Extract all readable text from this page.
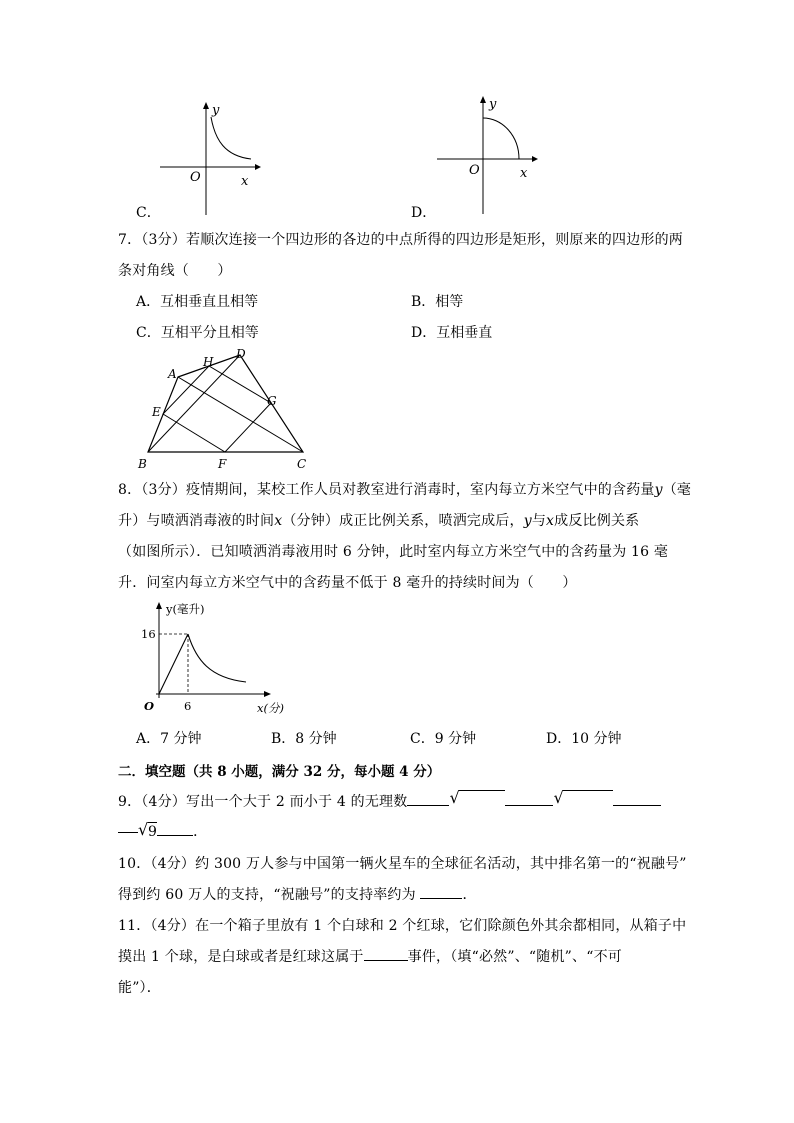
y
x
O
C．
y
x
O
D．
7．（3分）若顺次连接一个四边形的各边的中点所得的四边形是矩形，则原来的四边形的两
条对角线（　　）
A．互相垂直且相等	B．相等
C．互相平分且相等	D．互相垂直
A
H
D
E
G
B	F	C
8．（3分）疫情期间，某校工作人员对教室进行消毒时，室内每立方米空气中的含药量y（毫
升）与喷洒消毒液的时间x（分钟）成正比例关系，喷洒完成后，y与x成反比例关系
（如图所示）．已知喷洒消毒液用时 6 分钟，此时室内每立方米空气中的含药量为 16 毫
升．问室内每立方米空气中的含药量不低于 8 毫升的持续时间为（　　）
y(毫升)
x(分)
16
6
O
A．7 分钟	B．8 分钟	C．9 分钟	D．10 分钟
二．填空题（共 8 小题，满分 32 分，每小题 4 分）
9．（4分）写出一个大于 2 而小于 4 的无理数	√	√
√ 9	．
10．（4分）约 300 万人参与中国第一辆火星车的全球征名活动，其中排名第一的“祝融号”
得到约 60 万人的支持，“祝融号”的支持率约为	．
11．（4分）在一个箱子里放有 1 个白球和 2 个红球，它们除颜色外其余都相同，从箱子中
摸出 1 个球，是白球或者是红球这属于	事件，（填“必然”、“随机”、“不可
能”）．
